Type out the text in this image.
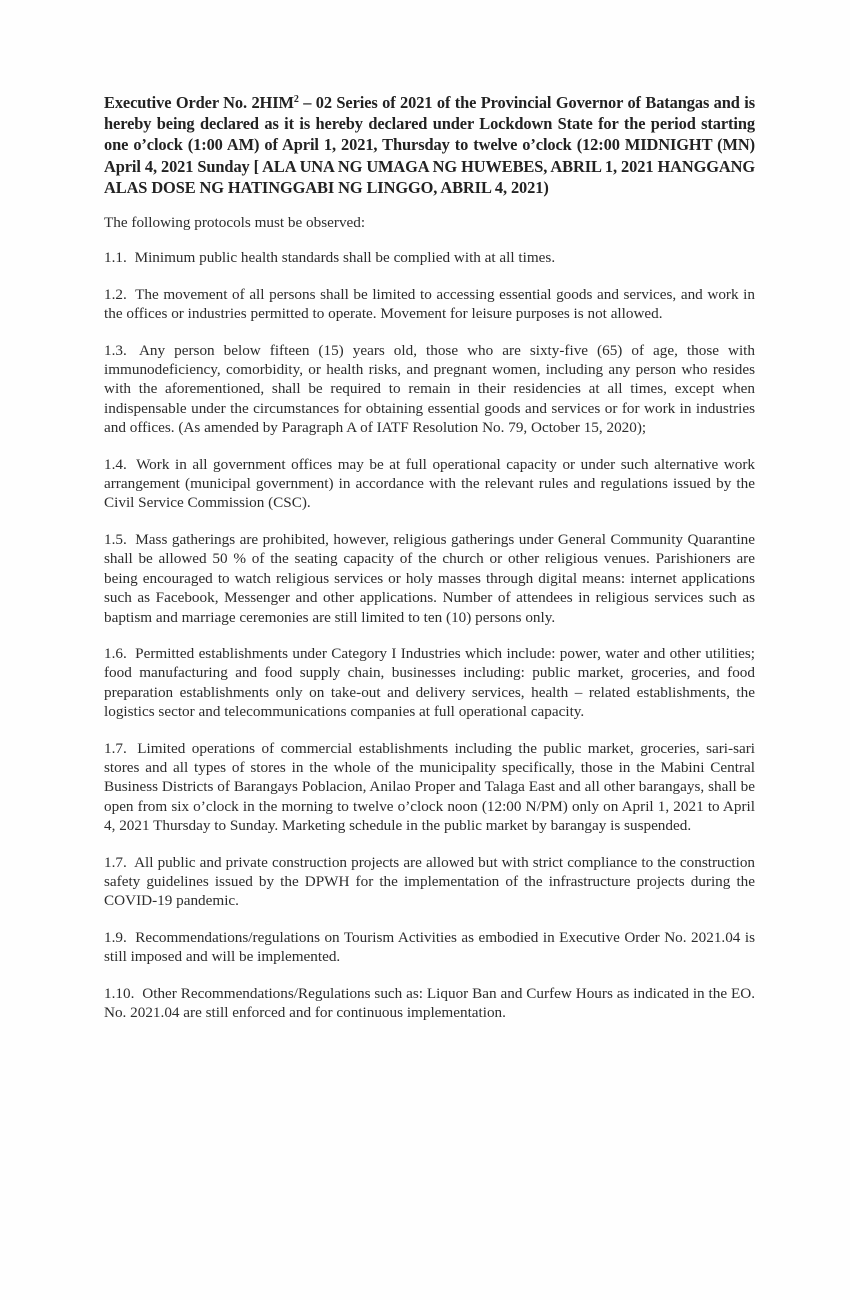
Executive Order No. 2HIM$^2$ – 02 Series of 2021 of the Provincial Governor of Batangas and is hereby being declared as it is hereby declared under Lockdown State for the period starting one o’clock (1:00 AM) of April 1, 2021, Thursday to twelve o’clock (12:00 MIDNIGHT (MN) April 4, 2021 Sunday [ ALA UNA NG UMAGA NG HUWEBES, ABRIL 1, 2021 HANGGANG ALAS DOSE NG HATINGGABI NG LINGGO, ABRIL 4, 2021)

The following protocols must be observed:

1.1. Minimum public health standards shall be complied with at all times.

1.2. The movement of all persons shall be limited to accessing essential goods and services, and work in the offices or industries permitted to operate. Movement for leisure purposes is not allowed.

1.3. Any person below fifteen (15) years old, those who are sixty-five (65) of age, those with immunodeficiency, comorbidity, or health risks, and pregnant women, including any person who resides with the aforementioned, shall be required to remain in their residencies at all times, except when indispensable under the circumstances for obtaining essential goods and services or for work in industries and offices. (As amended by Paragraph A of IATF Resolution No. 79, October 15, 2020);

1.4. Work in all government offices may be at full operational capacity or under such alternative work arrangement (municipal government) in accordance with the relevant rules and regulations issued by the Civil Service Commission (CSC).

1.5. Mass gatherings are prohibited, however, religious gatherings under General Community Quarantine shall be allowed 50 % of the seating capacity of the church or other religious venues. Parishioners are being encouraged to watch religious services or holy masses through digital means: internet applications such as Facebook, Messenger and other applications. Number of attendees in religious services such as baptism and marriage ceremonies are still limited to ten (10) persons only.

1.6. Permitted establishments under Category I Industries which include: power, water and other utilities; food manufacturing and food supply chain, businesses including: public market, groceries, and food preparation establishments only on take-out and delivery services, health – related establishments, the logistics sector and telecommunications companies at full operational capacity.

1.7. Limited operations of commercial establishments including the public market, groceries, sari-sari stores and all types of stores in the whole of the municipality specifically, those in the Mabini Central Business Districts of Barangays Poblacion, Anilao Proper and Talaga East and all other barangays, shall be open from six o’clock in the morning to twelve o’clock noon (12:00 N/PM) only on April 1, 2021 to April 4, 2021 Thursday to Sunday. Marketing schedule in the public market by barangay is suspended.

1.7. All public and private construction projects are allowed but with strict compliance to the construction safety guidelines issued by the DPWH for the implementation of the infrastructure projects during the COVID-19 pandemic.

1.9. Recommendations/regulations on Tourism Activities as embodied in Executive Order No. 2021.04 is still imposed and will be implemented.

1.10. Other Recommendations/Regulations such as: Liquor Ban and Curfew Hours as indicated in the EO. No. 2021.04 are still enforced and for continuous implementation.
